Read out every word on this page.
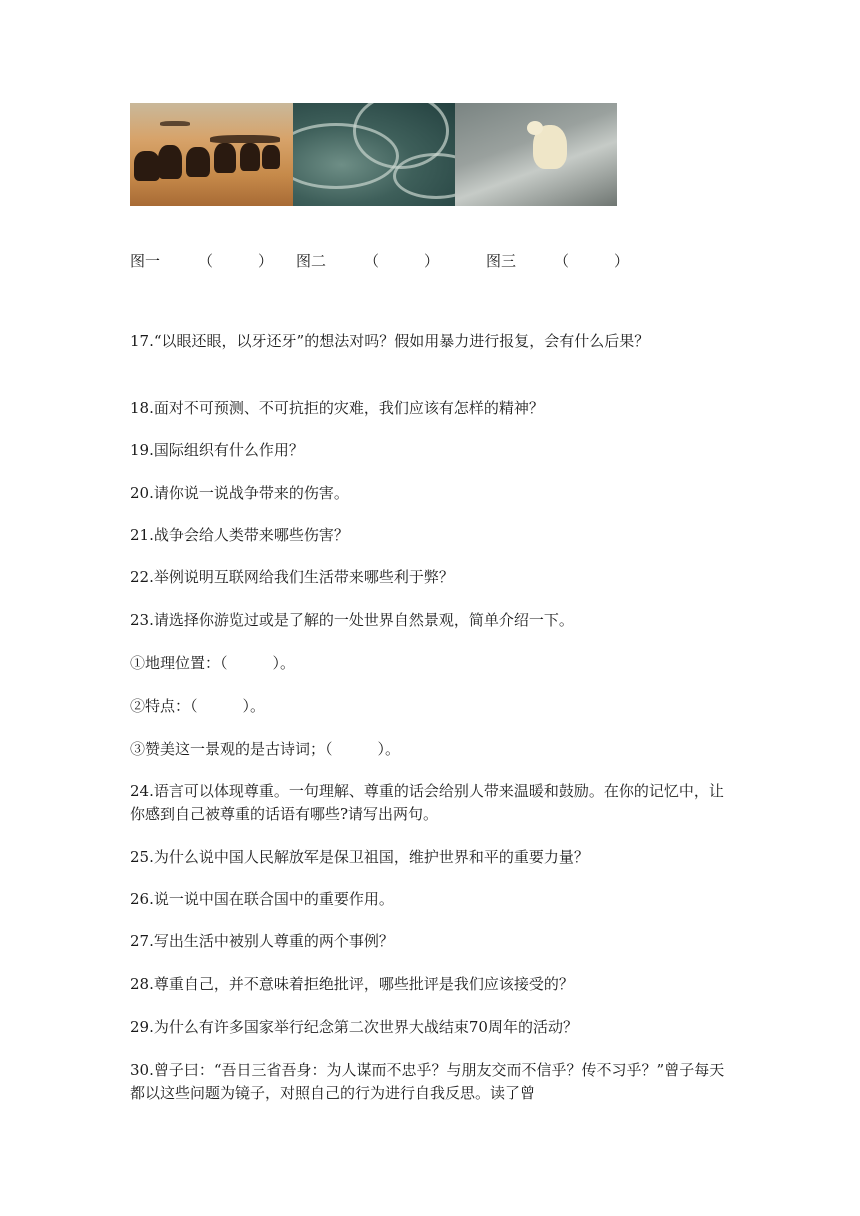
图一	（　　　） 图二	（　　　）	图三	（　　　）

17.“以眼还眼，以牙还牙”的想法对吗？假如用暴力进行报复，会有什么后果？

18.面对不可预测、不可抗拒的灾难，我们应该有怎样的精神？

19.国际组织有什么作用？

20.请你说一说战争带来的伤害。

21.战争会给人类带来哪些伤害？

22.举例说明互联网给我们生活带来哪些利于弊？

23.请选择你游览过或是了解的一处世界自然景观，简单介绍一下。

①地理位置：（　　　）。

②特点：（　　　）。

③赞美这一景观的是古诗词；（　　　）。

24.语言可以体现尊重。一句理解、尊重的话会给别人带来温暖和鼓励。在你的记忆中，让你感到自己被尊重的话语有哪些?请写出两句。

25.为什么说中国人民解放军是保卫祖国，维护世界和平的重要力量？

26.说一说中国在联合国中的重要作用。

27.写出生活中被别人尊重的两个事例？

28.尊重自己，并不意味着拒绝批评，哪些批评是我们应该接受的？

29.为什么有许多国家举行纪念第二次世界大战结束70周年的活动？

30.曾子曰：“吾日三省吾身：为人谋而不忠乎？与朋友交而不信乎？传不习乎？”曾子每天都以这些问题为镜子，对照自己的行为进行自我反思。读了曾
